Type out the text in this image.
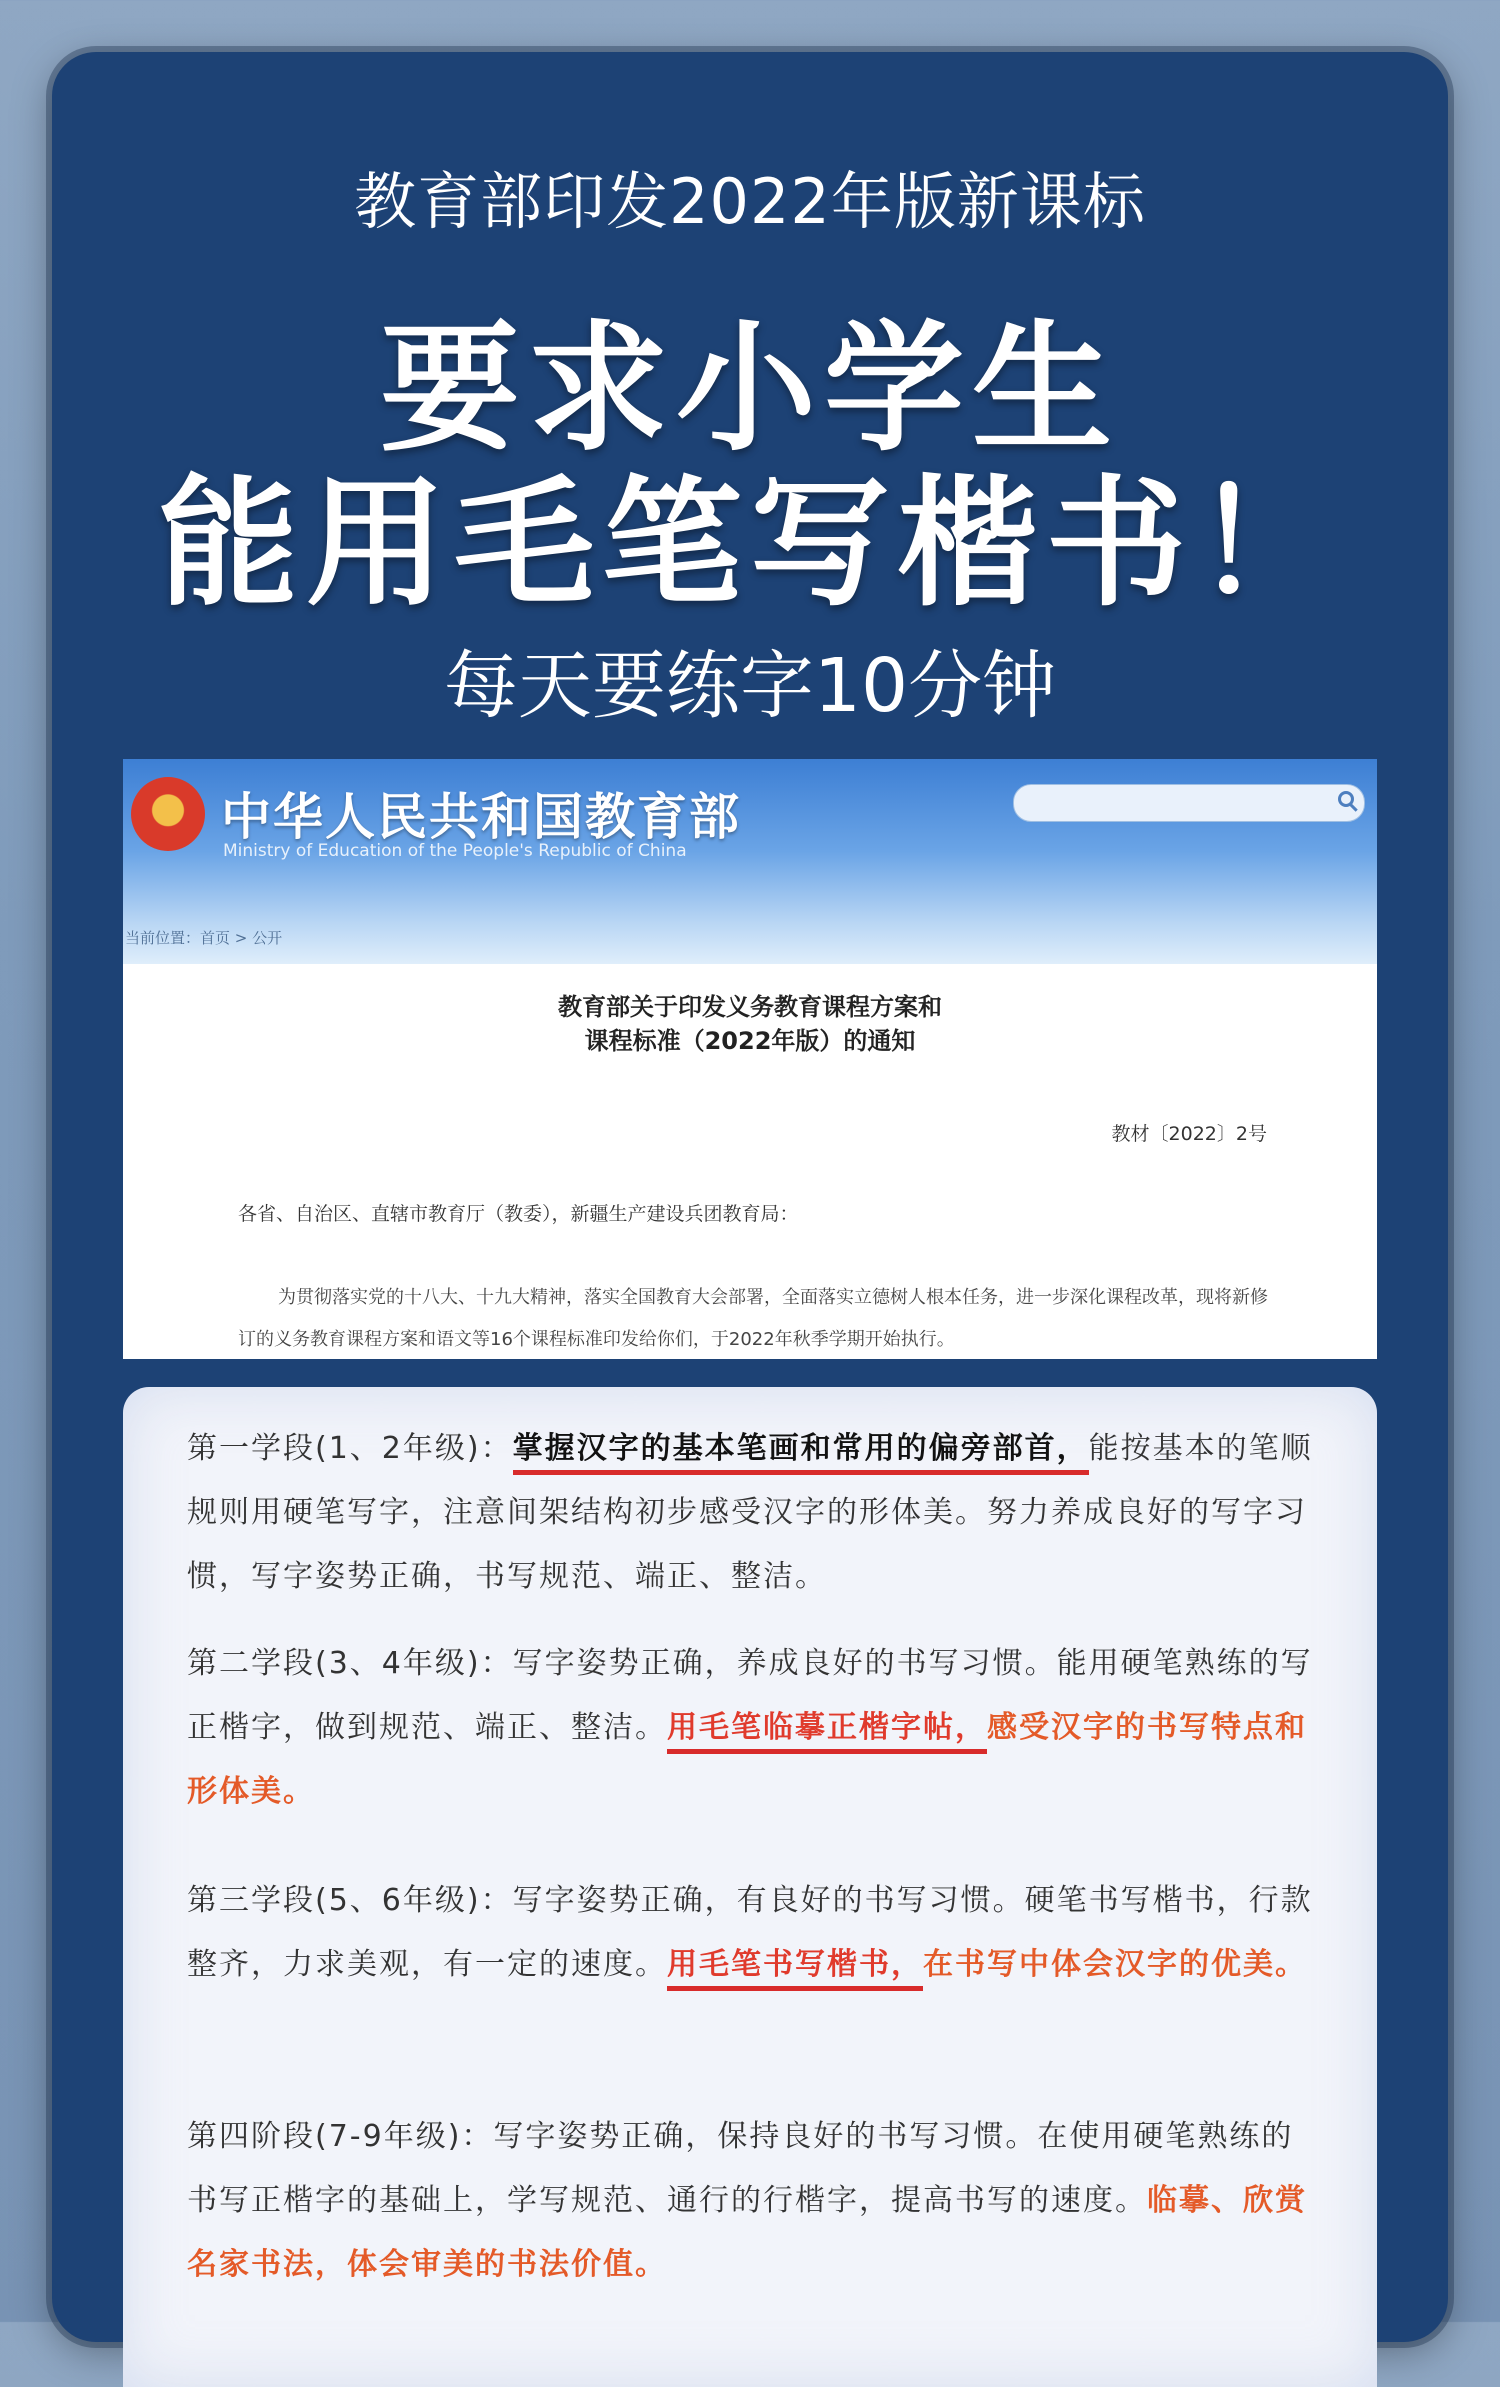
教育部印发2022年版新课标
要求小学生
能用毛笔写楷书！
每天要练字10分钟
中华人民共和国教育部
Ministry of Education of the People's Republic of China
当前位置：首页 > 公开
教育部关于印发义务教育课程方案和
课程标准（2022年版）的通知
教材〔2022〕2号
各省、自治区、直辖市教育厅（教委），新疆生产建设兵团教育局：
为贯彻落实党的十八大、十九大精神，落实全国教育大会部署，全面落实立德树人根本任务，进一步深化课程改革，现将新修订的义务教育课程方案和语文等16个课程标准印发给你们，于2022年秋季学期开始执行。
第一学段(1、2年级)：掌握汉字的基本笔画和常用的偏旁部首，能按基本的笔顺规则用硬笔写字，注意间架结构初步感受汉字的形体美。努力养成良好的写字习惯，写字姿势正确，书写规范、端正、整洁。
第二学段(3、4年级)：写字姿势正确，养成良好的书写习惯。能用硬笔熟练的写正楷字，做到规范、端正、整洁。用毛笔临摹正楷字帖，感受汉字的书写特点和形体美。
第三学段(5、6年级)：写字姿势正确，有良好的书写习惯。硬笔书写楷书，行款整齐，力求美观，有一定的速度。用毛笔书写楷书，在书写中体会汉字的优美。
第四阶段(7-9年级)：写字姿势正确，保持良好的书写习惯。在使用硬笔熟练的书写正楷字的基础上，学写规范、通行的行楷字，提高书写的速度。临摹、欣赏名家书法，体会审美的书法价值。
